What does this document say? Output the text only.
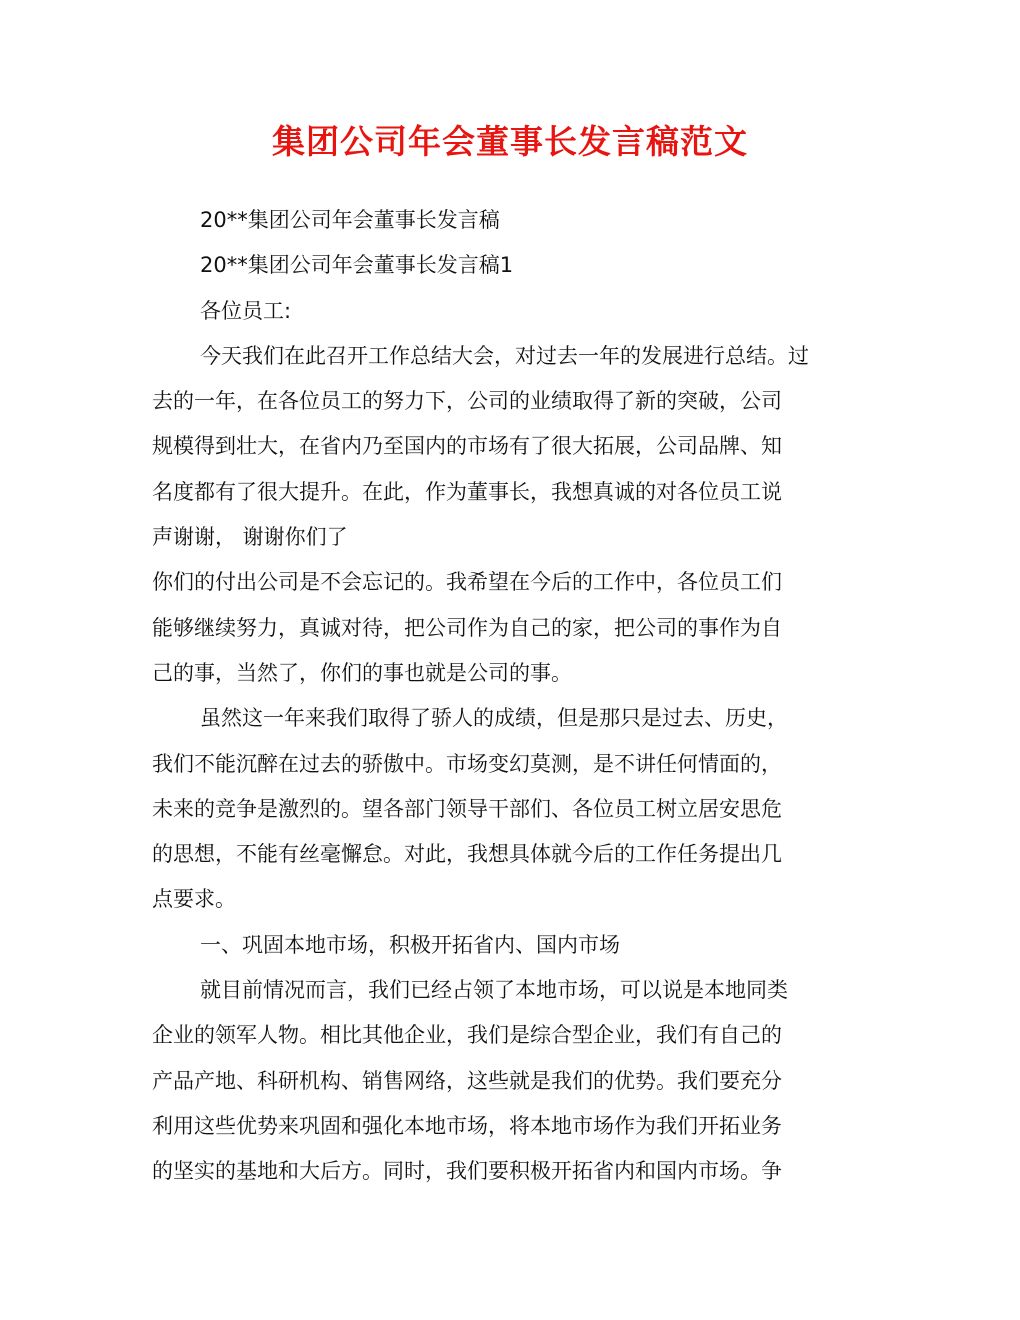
集团公司年会董事长发言稿范文
20**集团公司年会董事长发言稿
20**集团公司年会董事长发言稿1
各位员工:
今天我们在此召开工作总结大会，对过去一年的发展进行总结。过
去的一年，在各位员工的努力下，公司的业绩取得了新的突破，公司
规模得到壮大，在省内乃至国内的市场有了很大拓展，公司品牌、知
名度都有了很大提升。在此，作为董事长，我想真诚的对各位员工说
声谢谢， 谢谢你们了
你们的付出公司是不会忘记的。我希望在今后的工作中，各位员工们
能够继续努力，真诚对待，把公司作为自己的家，把公司的事作为自
己的事，当然了，你们的事也就是公司的事。
虽然这一年来我们取得了骄人的成绩，但是那只是过去、历史，
我们不能沉醉在过去的骄傲中。市场变幻莫测，是不讲任何情面的，
未来的竞争是激烈的。望各部门领导干部们、各位员工树立居安思危
的思想，不能有丝毫懈怠。对此，我想具体就今后的工作任务提出几
点要求。
一、巩固本地市场，积极开拓省内、国内市场
就目前情况而言，我们已经占领了本地市场，可以说是本地同类
企业的领军人物。相比其他企业，我们是综合型企业，我们有自己的
产品产地、科研机构、销售网络，这些就是我们的优势。我们要充分
利用这些优势来巩固和强化本地市场，将本地市场作为我们开拓业务
的坚实的基地和大后方。同时，我们要积极开拓省内和国内市场。争
